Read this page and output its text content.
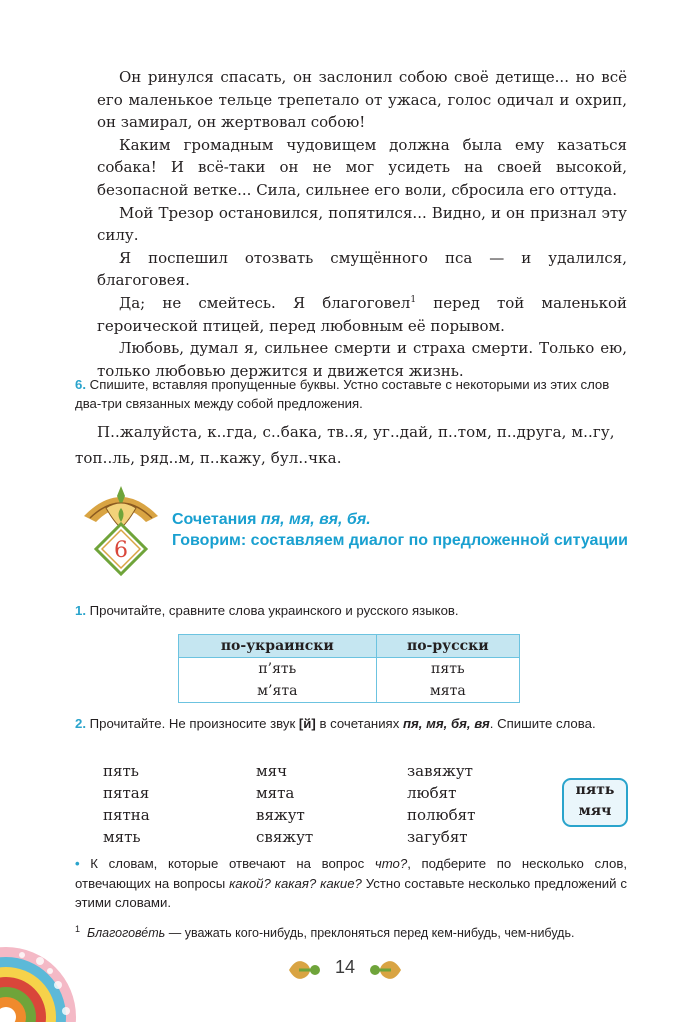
Он ринулся спасать, он заслонил собою своё детище... но всё его маленькое тельце трепетало от ужаса, голос одичал и охрип, он замирал, он жертвовал собою!

Каким громадным чудовищем должна была ему казаться собака! И всё-таки он не мог усидеть на своей высокой, безопасной ветке... Сила, сильнее его воли, сбросила его оттуда.

Мой Трезор остановился, попятился... Видно, и он признал эту силу.

Я поспешил отозвать смущённого пса — и удалился, благоговея.

Да; не смейтесь. Я благоговел$^1$ перед той маленькой героической птицей, перед любовным её порывом.

Любовь, думал я, сильнее смерти и страха смерти. Только ею, только любовью держится и движется жизнь.

6. Спишите, вставляя пропущенные буквы. Устно составьте с некоторыми из этих слов два-три связанных между собой предложения.
П..жалуйста, к..гда, с..бака, тв..я, уг..дай, п..том, п..друга, м..гу, топ..ль, ряд..м, п..кажу, бул..чка.
6
Сочетания пя, мя, вя, бя.
Говорим: составляем диалог по предложенной ситуации
1. Прочитайте, сравните слова украинского и русского языков.
по-украински	по-русски
п’ять	пять
м’ята	мята
2. Прочитайте. Не произносите звук [й] в сочетаниях пя, мя, бя, вя. Спишите слова.
пять
пятая
пятна
мять
мяч
мята
вяжут
свяжут
завяжут
любят
полюбят
загубят
пять
мяч
• К словам, которые отвечают на вопрос что?, подберите по несколько слов, отвечающих на вопросы какой? какая? какие? Устно составьте несколько предложений с этими словами.
$^1$ Благогове́ть — уважать кого-нибудь, преклоняться перед кем-нибудь, чем-нибудь.
14
